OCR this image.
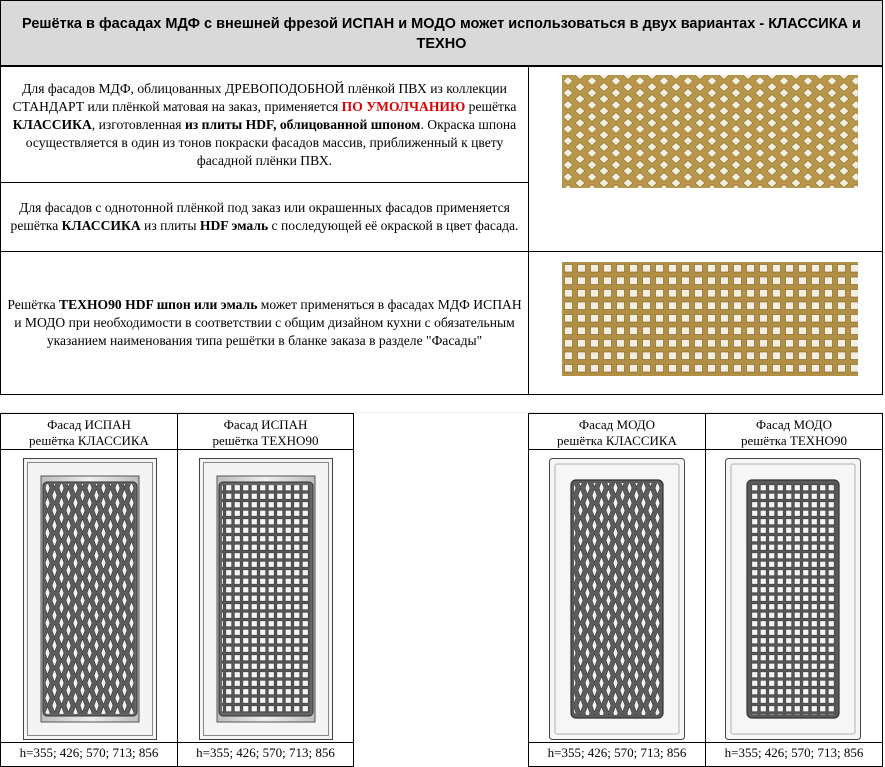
Решётка в фасадах МДФ с внешней фрезой ИСПАН и МОДО может использоваться в двух вариантах - КЛАССИКА и
ТЕХНО
Для фасадов МДФ, облицованных ДРЕВОПОДОБНОЙ плёнкой ПВХ из коллекции СТАНДАРТ или плёнкой матовая на заказ, применяется ПО УМОЛЧАНИЮ решётка КЛАССИКА, изготовленная из плиты HDF, облицованной шпоном. Окраска шпона осуществляется в один из тонов покраски фасадов массив, приближенный к цвету фасадной плёнки ПВХ.
Для фасадов с однотонной плёнкой под заказ или окрашенных фасадов применяется решётка КЛАССИКА из плиты HDF эмаль с последующей её окраской в цвет фасада.
Решётка ТЕХНО90 HDF шпон или эмаль может применяться в фасадах МДФ ИСПАН и МОДО при необходимости в соответствии с общим дизайном кухни с обязательным указанием наименования типа решётки в бланке заказа в разделе "Фасады"
Фасад ИСПАН
решётка КЛАССИКА
h=355; 426; 570; 713; 856
Фасад ИСПАН
решётка ТЕХНО90
h=355; 426; 570; 713; 856
Фасад МОДО
решётка КЛАССИКА
h=355; 426; 570; 713; 856
Фасад МОДО
решётка ТЕХНО90
h=355; 426; 570; 713; 856
